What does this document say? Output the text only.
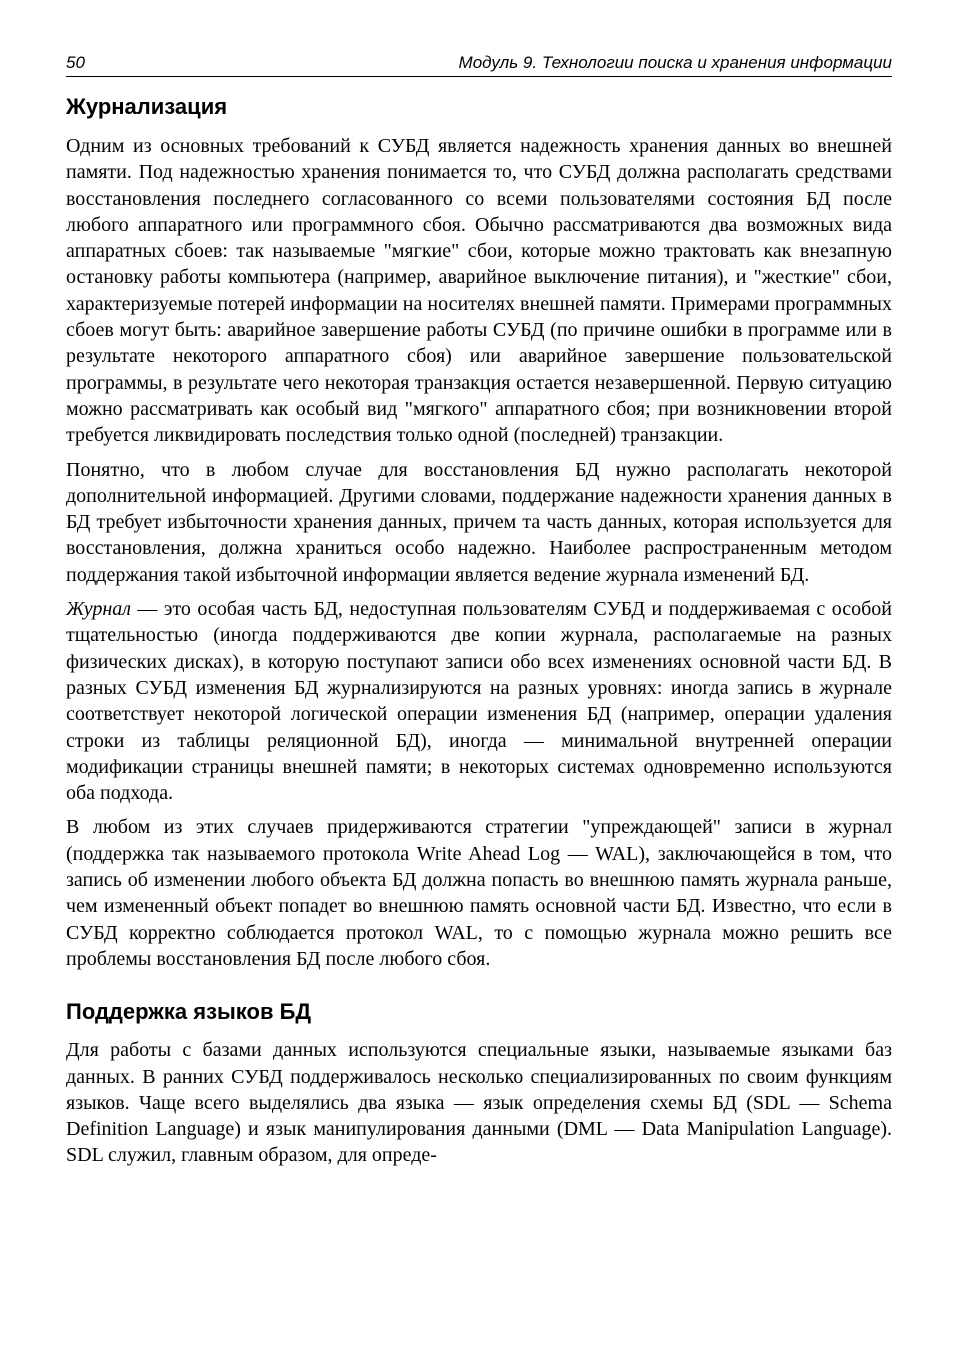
50	Модуль 9. Технологии поиска и хранения информации
Журнализация

Одним из основных требований к СУБД является надежность хранения данных во внешней памяти. Под надежностью хранения понимается то, что СУБД должна располагать средствами восстановления последнего согласованного со всеми пользователями состояния БД после любого аппаратного или программного сбоя. Обычно рассматриваются два возможных вида аппаратных сбоев: так называемые "мягкие" сбои, которые можно трактовать как внезапную остановку работы компьютера (например, аварийное выключение питания), и "жесткие" сбои, характеризуемые потерей информации на носителях внешней памяти. Примерами программных сбоев могут быть: аварийное завершение работы СУБД (по причине ошибки в программе или в результате некоторого аппаратного сбоя) или аварийное завершение пользовательской программы, в результате чего некоторая транзакция остается незавершенной. Первую ситуацию можно рассматривать как особый вид "мягкого" аппаратного сбоя; при возникновении второй требуется ликвидировать последствия только одной (последней) транзакции.

Понятно, что в любом случае для восстановления БД нужно располагать некоторой дополнительной информацией. Другими словами, поддержание надежности хранения данных в БД требует избыточности хранения данных, причем та часть данных, которая используется для восстановления, должна храниться особо надежно. Наиболее распространенным методом поддержания такой избыточной информации является ведение журнала изменений БД.

Журнал — это особая часть БД, недоступная пользователям СУБД и поддерживаемая с особой тщательностью (иногда поддерживаются две копии журнала, располагаемые на разных физических дисках), в которую поступают записи обо всех изменениях основной части БД. В разных СУБД изменения БД журнализируются на разных уровнях: иногда запись в журнале соответствует некоторой логической операции изменения БД (например, операции удаления строки из таблицы реляционной БД), иногда — минимальной внутренней операции модификации страницы внешней памяти; в некоторых системах одновременно используются оба подхода.

В любом из этих случаев придерживаются стратегии "упреждающей" записи в журнал (поддержка так называемого протокола Write Ahead Log — WAL), заключающейся в том, что запись об изменении любого объекта БД должна попасть во внешнюю память журнала раньше, чем измененный объект попадет во внешнюю память основной части БД. Известно, что если в СУБД корректно соблюдается протокол WAL, то с помощью журнала можно решить все проблемы восстановления БД после любого сбоя.

Поддержка языков БД

Для работы с базами данных используются специальные языки, называемые языками баз данных. В ранних СУБД поддерживалось несколько специализированных по своим функциям языков. Чаще всего выделялись два языка — язык определения схемы БД (SDL — Schema Definition Language) и язык манипулирования данными (DML — Data Manipulation Language). SDL служил, главным образом, для опреде-
